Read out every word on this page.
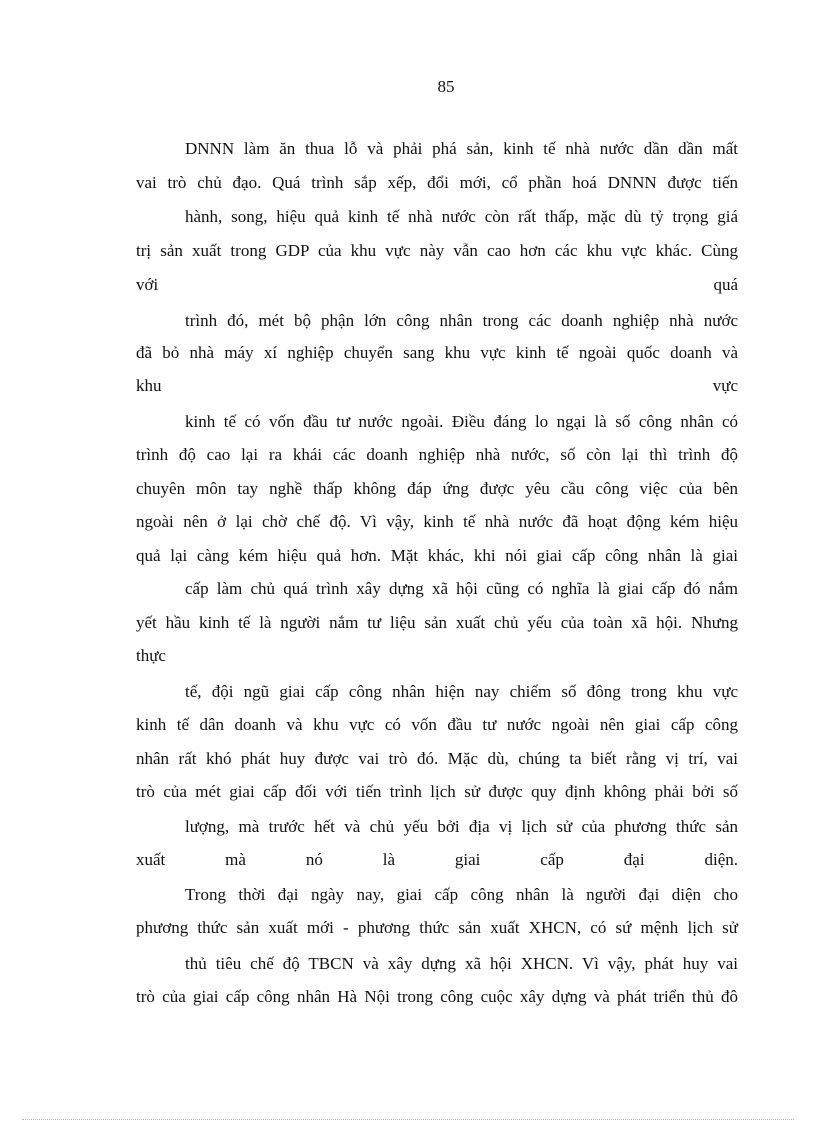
85
DNNN làm ăn thua lỗ và phải phá sản, kinh tế nhà nước dần dần mất
vai trò chủ đạo. Quá trình sắp xếp, đổi mới, cổ phần hoá DNNN được tiến
hành, song, hiệu quả kinh tế nhà nước còn rất thấp, mặc dù tỷ trọng giá
trị sản xuất trong GDP của khu vực này vẫn cao hơn các khu vực khác. Cùng
với quá
trình đó, mét bộ phận lớn công nhân trong các doanh nghiệp nhà nước
đã bỏ nhà máy xí nghiệp chuyển sang khu vực kinh tế ngoài quốc doanh và
khu vực
kinh tế có vốn đầu tư nước ngoài. Điều đáng lo ngại là số công nhân có
trình độ cao lại ra khái các doanh nghiệp nhà nước, số còn lại thì trình độ
chuyên môn tay nghề thấp không đáp ứng được yêu cầu công việc của bên
ngoài nên ở lại chờ chế độ. Vì vậy, kinh tế nhà nước đã hoạt động kém hiệu
quả lại càng kém hiệu quả hơn. Mặt khác, khi nói giai cấp công nhân là giai
cấp làm chủ quá trình xây dựng xã hội cũng có nghĩa là giai cấp đó nắm
yết hầu kinh tế là người nắm tư liệu sản xuất chủ yếu của toàn xã hội. Nhưng
thực
tế, đội ngũ giai cấp công nhân hiện nay chiếm số đông trong khu vực
kinh tế dân doanh và khu vực có vốn đầu tư nước ngoài nên giai cấp công
nhân rất khó phát huy được vai trò đó. Mặc dù, chúng ta biết rằng vị trí, vai
trò của mét giai cấp đối với tiến trình lịch sử được quy định không phải bởi số
lượng, mà trước hết và chủ yếu bởi địa vị lịch sử của phương thức sản
xuất mà nó là giai cấp đại diện.
Trong thời đại ngày nay, giai cấp công nhân là người đại diện cho
phương thức sản xuất mới - phương thức sản xuất XHCN, có sứ mệnh lịch sử
thủ tiêu chế độ TBCN và xây dựng xã hội XHCN. Vì vậy, phát huy vai
trò của giai cấp công nhân Hà Nội trong công cuộc xây dựng và phát triển thủ đô
